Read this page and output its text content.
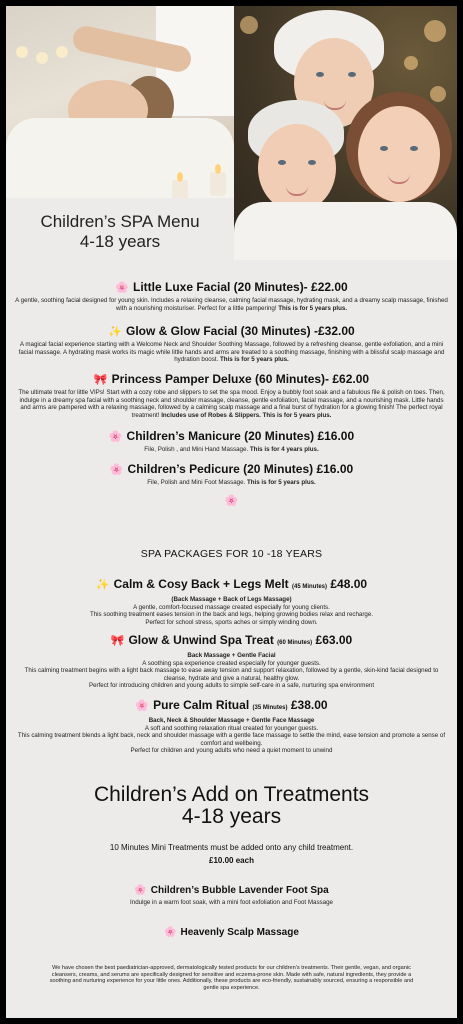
Children’s SPA Menu
4-18 years
🌸 Little Luxe Facial (20 Minutes)- £22.00
A gentle, soothing facial designed for young skin. Includes a relaxing cleanse, calming facial massage, hydrating mask, and a dreamy scalp massage, finished with a nourishing moisturiser. Perfect for a little pampering! This is for 5 years plus.
✨ Glow & Glow Facial (30 Minutes) -£32.00
A magical facial experience starting with a Welcome Neck and Shoulder Soothing Massage, followed by a refreshing cleanse, gentle exfoliation, and a mini facial massage. A hydrating mask works its magic while little hands and arms are treated to a soothing massage, finishing with a blissful scalp massage and hydration boost. This is for 5 years plus.
🎀 Princess Pamper Deluxe (60 Minutes)- £62.00
The ultimate treat for little VIPs! Start with a cozy robe and slippers to set the spa mood. Enjoy a bubbly foot soak and a fabulous file & polish on toes. Then, indulge in a dreamy spa facial with a soothing neck and shoulder massage, cleanse, gentle exfoliation, facial massage, and a nourishing mask. Little hands and arms are pampered with a relaxing massage, followed by a calming scalp massage and a final burst of hydration for a glowing finish! The perfect royal treatment! Includes use of Robes & Slippers. This is for 5 years plus.
🌸 Children’s Manicure (20 Minutes) £16.00
File, Polish , and Mini Hand Massage. This is for 4 years plus.
🌸 Children’s Pedicure (20 Minutes) £16.00
File, Polish and Mini Foot Massage. This is for 5 years plus.
🌸
SPA PACKAGES FOR 10 -18 YEARS
✨ Calm & Cosy Back + Legs Melt (45 Minutes) £48.00
(Back Massage + Back of Legs Massage)
A gentle, comfort-focused massage created especially for young clients.
This soothing treatment eases tension in the back and legs, helping growing bodies relax and recharge.
Perfect for school stress, sports aches or simply winding down.
🎀 Glow & Unwind Spa Treat (60 Minutes) £63.00
Back Massage + Gentle Facial
A soothing spa experience created especially for younger guests.
This calming treatment begins with a light back massage to ease away tension and support relaxation, followed by a gentle, skin-kind facial designed to cleanse, hydrate and give a natural, healthy glow.
Perfect for introducing children and young adults to simple self-care in a safe, nurturing spa environment
🌸 Pure Calm Ritual (35 Minutes) £38.00
Back, Neck & Shoulder Massage + Gentle Face Massage
A soft and soothing relaxation ritual created for younger guests.
This calming treatment blends a light back, neck and shoulder massage with a gentle face massage to settle the mind, ease tension and promote a sense of comfort and wellbeing.
Perfect for children and young adults who need a quiet moment to unwind
Children’s Add on Treatments
4-18 years
10 Minutes Mini Treatments must be added onto any child treatment.
£10.00 each
🌸 Children’s Bubble Lavender Foot Spa
Indulge in a warm foot soak, with a mini foot exfoliation and Foot Massage
🌸 Heavenly Scalp Massage
We have chosen the best paediatrician-approved, dermatologically tested products for our children’s treatments. Their gentle, vegan, and organic cleansers, creams, and serums are specifically designed for sensitive and eczema-prone skin. Made with safe, natural ingredients, they provide a soothing and nurturing experience for your little ones. Additionally, these products are eco-friendly, sustainably sourced, ensuring a responsible and gentle spa experience.
